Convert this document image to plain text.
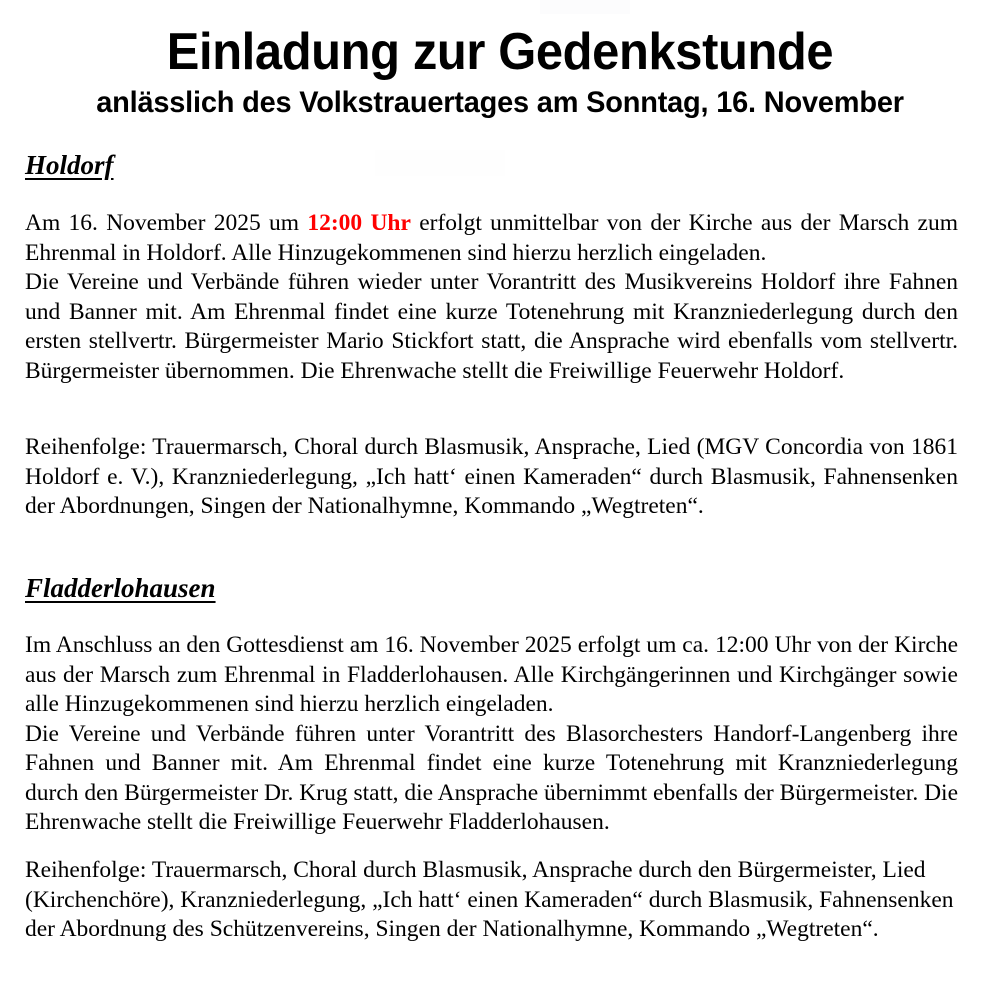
Einladung zur Gedenkstunde
anlässlich des Volkstrauertages am Sonntag, 16. November
Holdorf

Am 16. November 2025 um 12:00 Uhr erfolgt unmittelbar von der Kirche aus der Marsch zum Ehrenmal in Holdorf. Alle Hinzugekommenen sind hierzu herzlich eingeladen.
Die Vereine und Verbände führen wieder unter Vorantritt des Musikvereins Holdorf ihre Fahnen und Banner mit. Am Ehrenmal findet eine kurze Totenehrung mit Kranzniederlegung durch den ersten stellvertr. Bürgermeister Mario Stickfort statt, die Ansprache wird ebenfalls vom stellvertr. Bürgermeister übernommen. Die Ehrenwache stellt die Freiwillige Feuerwehr Holdorf.

Reihenfolge: Trauermarsch, Choral durch Blasmusik, Ansprache, Lied (MGV Concordia von 1861 Holdorf e. V.), Kranzniederlegung, „Ich hatt‘ einen Kameraden“ durch Blasmusik, Fahnensenken der Abordnungen, Singen der Nationalhymne, Kommando „Wegtreten“.

Fladderlohausen

Im Anschluss an den Gottesdienst am 16. November 2025 erfolgt um ca. 12:00 Uhr von der Kirche aus der Marsch zum Ehrenmal in Fladderlohausen. Alle Kirchgängerinnen und Kirchgänger sowie alle Hinzugekommenen sind hierzu herzlich eingeladen.
Die Vereine und Verbände führen unter Vorantritt des Blasorchesters Handorf-Langenberg ihre Fahnen und Banner mit. Am Ehrenmal findet eine kurze Totenehrung mit Kranzniederlegung durch den Bürgermeister Dr. Krug statt, die Ansprache übernimmt ebenfalls der Bürgermeister. Die Ehrenwache stellt die Freiwillige Feuerwehr Fladderlohausen.

Reihenfolge: Trauermarsch, Choral durch Blasmusik, Ansprache durch den Bürgermeister, Lied (Kirchenchöre), Kranzniederlegung, „Ich hatt‘ einen Kameraden“ durch Blasmusik, Fahnensenken der Abordnung des Schützenvereins, Singen der Nationalhymne, Kommando „Wegtreten“.
